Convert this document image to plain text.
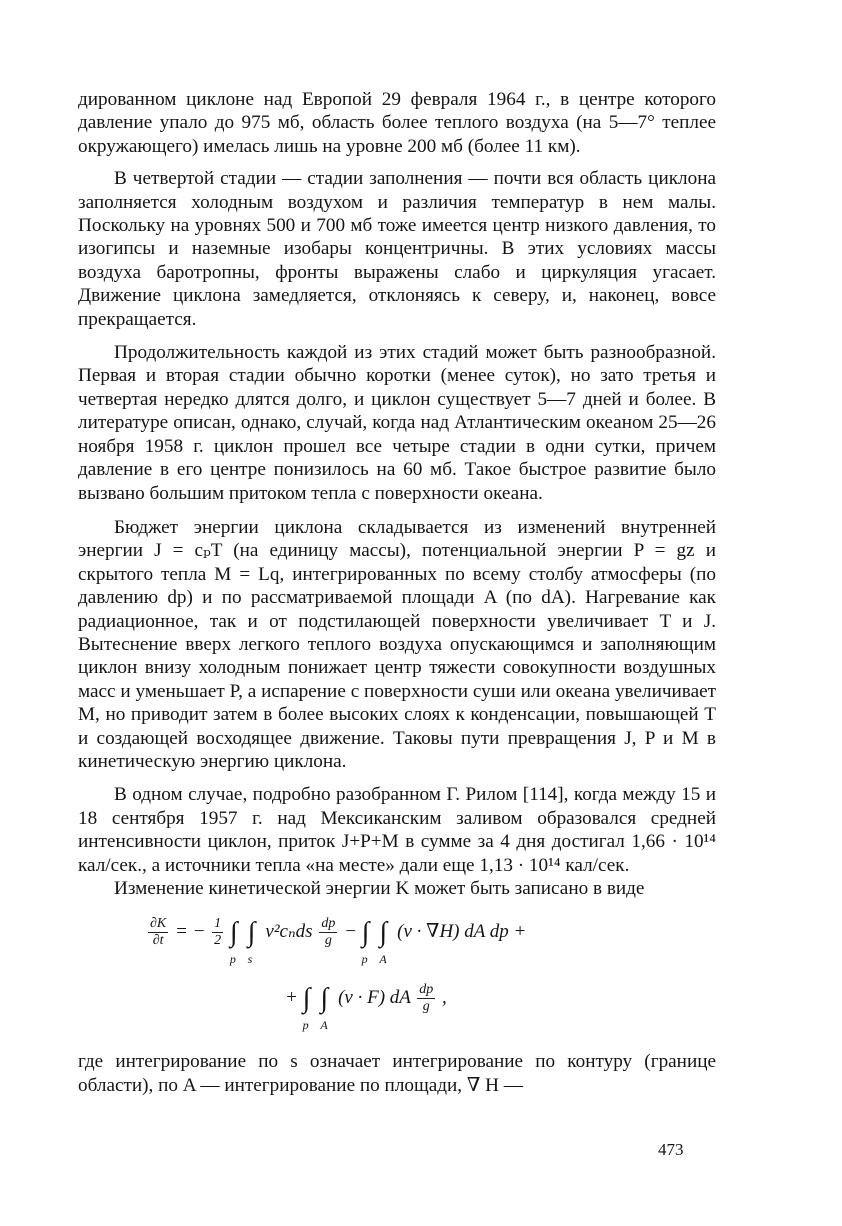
дированном циклоне над Европой 29 февраля 1964 г., в центре которого давление упало до 975 мб, область более теплого воздуха (на 5—7° теплее окружающего) имелась лишь на уровне 200 мб (более 11 км).

В четвертой стадии — стадии заполнения — почти вся область циклона заполняется холодным воздухом и различия температур в нем малы. Поскольку на уровнях 500 и 700 мб тоже имеется центр низкого давления, то изогипсы и наземные изобары концентричны. В этих условиях массы воздуха баротропны, фронты выражены слабо и циркуляция угасает. Движение циклона замедляется, отклоняясь к северу, и, наконец, вовсе прекращается.

Продолжительность каждой из этих стадий может быть разнообразной. Первая и вторая стадии обычно коротки (менее суток), но зато третья и четвертая нередко длятся долго, и циклон существует 5—7 дней и более. В литературе описан, однако, случай, когда над Атлантическим океаном 25—26 ноября 1958 г. циклон прошел все четыре стадии в одни сутки, причем давление в его центре понизилось на 60 мб. Такое быстрое развитие было вызвано большим притоком тепла с поверхности океана.

Бюджет энергии циклона складывается из изменений внутренней энергии J = cₚT (на единицу массы), потенциальной энергии P = gz и скрытого тепла M = Lq, интегрированных по всему столбу атмосферы (по давлению dp) и по рассматриваемой площади A (по dA). Нагревание как радиационное, так и от подстилающей поверхности увеличивает T и J. Вытеснение вверх легкого теплого воздуха опускающимся и заполняющим циклон внизу холодным понижает центр тяжести совокупности воздушных масс и уменьшает P, а испарение с поверхности суши или океана увеличивает M, но приводит затем в более высоких слоях к конденсации, повышающей T и создающей восходящее движение. Таковы пути превращения J, P и M в кинетическую энергию циклона.

В одном случае, подробно разобранном Г. Рилом [114], когда между 15 и 18 сентября 1957 г. над Мексиканским заливом образовался средней интенсивности циклон, приток J+P+M в сумме за 4 дня достигал 1,66 · 10¹⁴ кал/сек., а источники тепла «на месте» дали еще 1,13 · 10¹⁴ кал/сек.

Изменение кинетической энергии K может быть записано в виде

$\frac{\partial K}{\partial t}$ = − $\frac{1}{2}$ ∫
p
∫
s
$v^2c_nds \frac{dp}{g}$ − ∫
p
∫
A
(v · ∇H) dA dp +
+ ∫
p
∫
A
(v · F) dA $\frac{dp}{g}$ ,

где интегрирование по s означает интегрирование по контуру (границе области), по A — интегрирование по площади, ∇ H —

473
